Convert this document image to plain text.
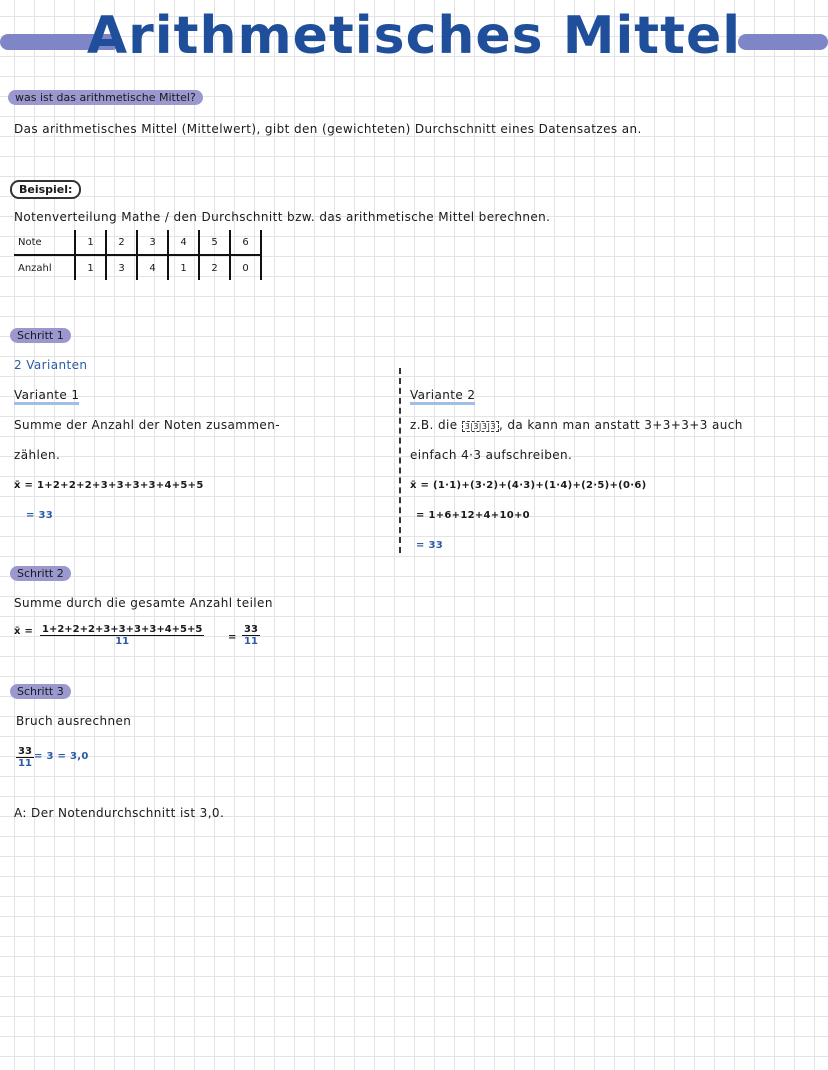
Arithmetisches Mittel
was ist das arithmetische Mittel?
Das arithmetisches Mittel (Mittelwert), gibt den (gewichteten) Durchschnitt eines Datensatzes an.
Beispiel:
Notenverteilung Mathe / den Durchschnitt bzw. das arithmetische Mittel berechnen.
Note	1	2	3	4	5	6
Anzahl	1	3	4	1	2	0
Schritt 1
2 Varianten
Variante 1
Summe der Anzahl der Noten zusammen-
zählen.
x̄ = 1+2+2+2+3+3+3+3+4+5+5
= 33
Variante 2
z.B. die 3|3|3|3 , da kann man anstatt 3+3+3+3 auch
einfach 4·3 aufschreiben.
x̄ = (1·1)+(3·2)+(4·3)+(1·4)+(2·5)+(0·6)
= 1+6+12+4+10+0
= 33
Schritt 2
Summe durch die gesamte Anzahl teilen
x̄ = $\frac{1+2+2+2+3+3+3+3+4+5+5}{11} = \frac{33}{11}$
Schritt 3
Bruch ausrechnen
$\frac{33}{11} = 3 = 3,0$
A: Der Notendurchschnitt ist 3,0.
